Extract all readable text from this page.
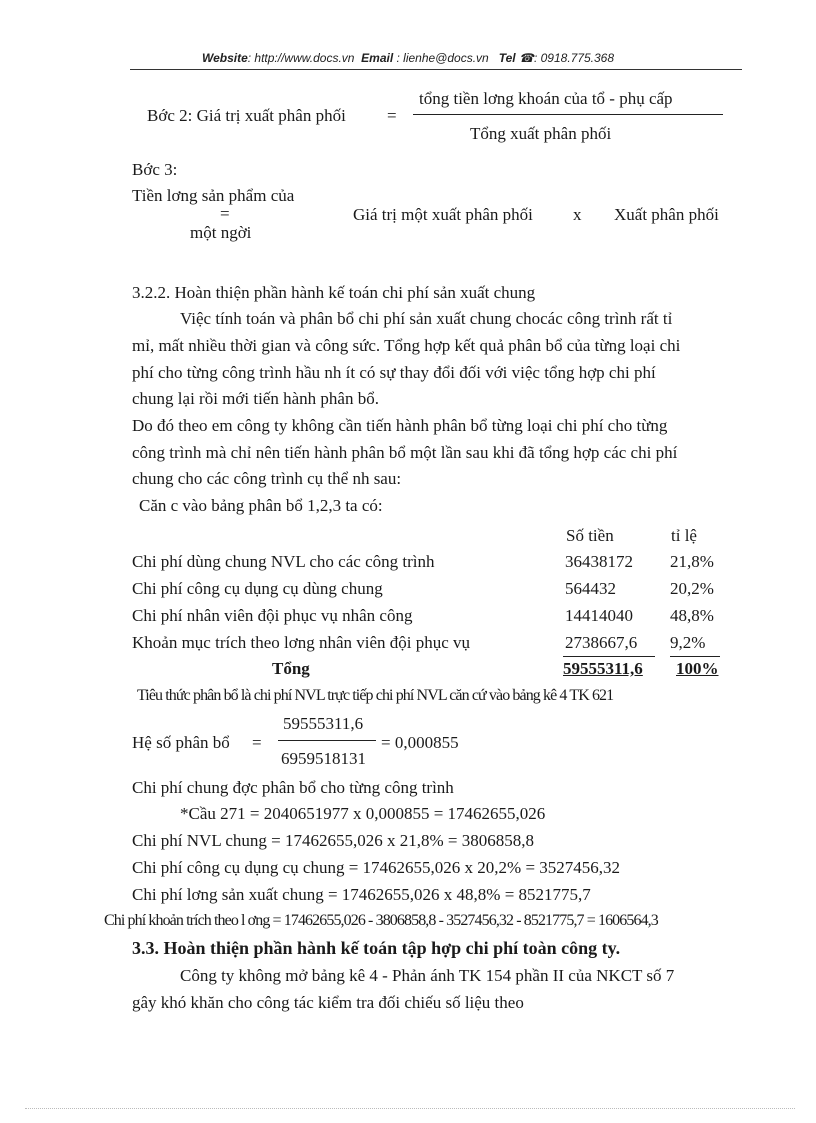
Website: http://www.docs.vn Email : lienhe@docs.vn Tel ☎: 0918.775.368
Bớc 2: Giá trị xuất phân phối =
tổng tiền lơng khoán của tổ - phụ cấp
Tổng xuất phân phối
Bớc 3:
Tiền lơng sản phẩm của
=
một ngời
Giá trị một xuất phân phối x Xuất phân phối
3.2.2. Hoàn thiện phần hành kế toán chi phí sản xuất chung
Việc tính toán và phân bổ chi phí sản xuất chung chocác công trình rất tỉ
mỉ, mất nhiều thời gian và công sức. Tổng hợp kết quả phân bổ của từng loại chi
phí cho từng công trình hầu nh ít có sự thay đổi đối với việc tổng hợp chi phí
chung lại rồi mới tiến hành phân bổ.
Do đó theo em công ty không cần tiến hành phân bổ từng loại chi phí cho từng
công trình mà chỉ nên tiến hành phân bổ một lần sau khi đã tổng hợp các chi phí
chung cho các công trình cụ thể nh sau:
Căn c vào bảng phân bổ 1,2,3 ta có:
Số tiền	tỉ lệ
Chi phí dùng chung NVL cho các công trình	36438172 21,8%
Chi phí công cụ dụng cụ dùng chung	564432	20,2%
Chi phí nhân viên đội phục vụ nhân công	14414040 48,8%
Khoản mục trích theo lơng nhân viên đội phục vụ	2738667,6 9,2%
Tổng	59555311,6 100%
Tiêu thức phân bổ là chi phí NVL trực tiếp chi phí NVL căn cứ vào bảng kê 4 TK 621
Hệ số phân bổ =
59555311,6
6959518131
= 0,000855
Chi phí chung đợc phân bổ cho từng công trình
*Cầu 271 = 2040651977 x 0,000855 = 17462655,026
Chi phí NVL chung = 17462655,026 x 21,8% = 3806858,8
Chi phí công cụ dụng cụ chung = 17462655,026 x 20,2% = 3527456,32
Chi phí lơng sản xuất chung = 17462655,026 x 48,8% = 8521775,7
Chi phí khoản trích theo l ơng = 17462655,026 - 3806858,8 - 3527456,32 - 8521775,7 = 1606564,3
3.3. Hoàn thiện phần hành kế toán tập hợp chi phí toàn công ty.
Công ty không mở bảng kê 4 - Phản ánh TK 154 phần II của NKCT số 7
gây khó khăn cho công tác kiểm tra đối chiếu số liệu theo
